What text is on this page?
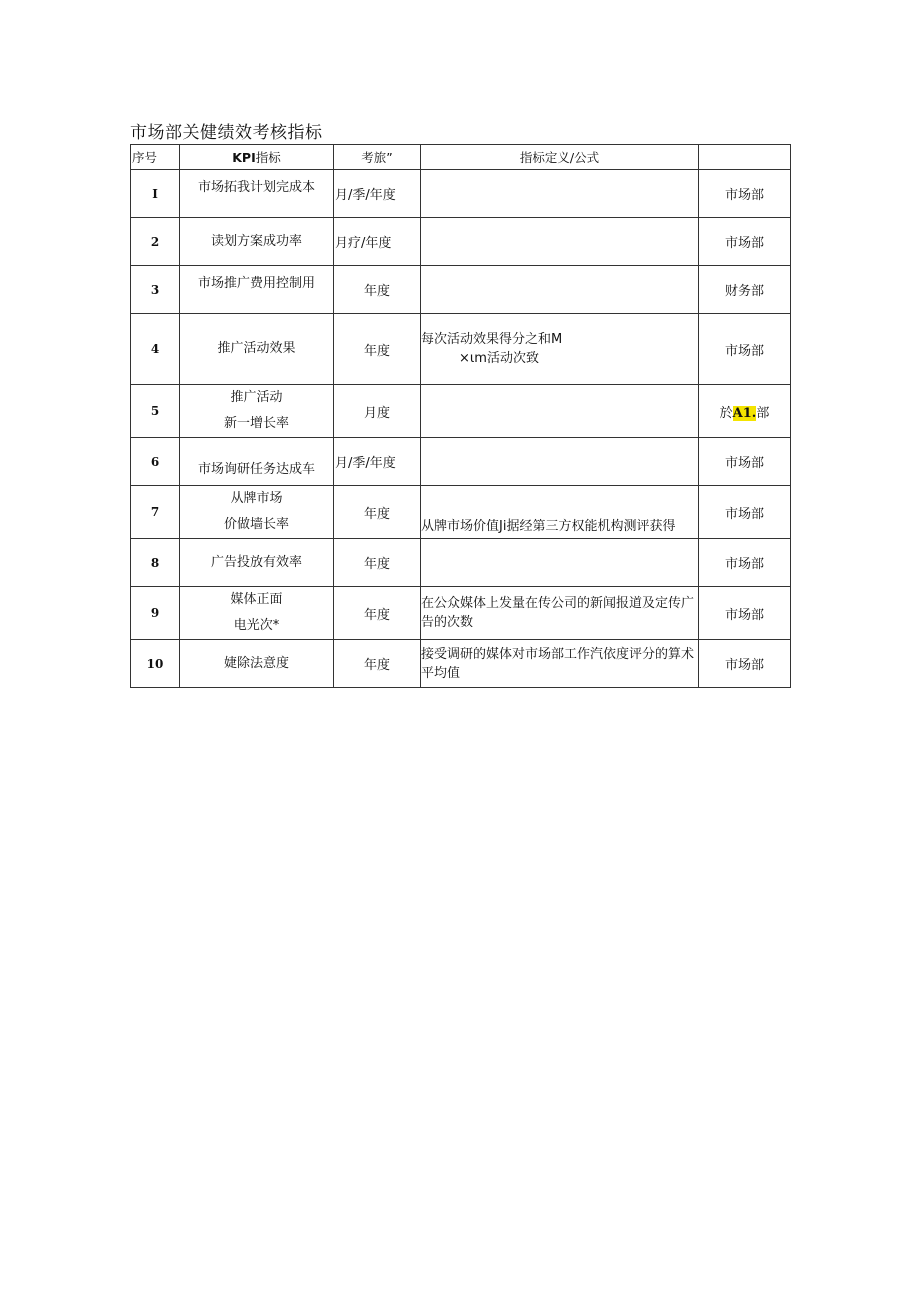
市场部关健绩效考核指标
序号	KPI指标	考旅”	指标定义/公式	
I	市场拓我计划完成本	月/季/年度		市场部
2	读划方案成功率	月疗/年度		市场部
3	市场推广费用控制用	年度		财务部
4	推广活动效果	年度	每次活动效果得分之和M
×ιm活动次致	市场部
5	推广活动
新一增长率	月度		於A1.部
6	市场询研任务达成车	月/季/年度		市场部
7	从牌市场
价做墙长率	年度	从牌市场价值Ji据经第三方权能机构测评获得	市场部
8	广告投放有效率	年度		市场部
9	媒体正面
电光次*	年度	在公众媒体上发量在传公司的新闻报道及定传广告的次数	市场部
10	婕除法意度	年度	接受调研的媒体对市场部工作汽依度评分的算术平均值	市场部
